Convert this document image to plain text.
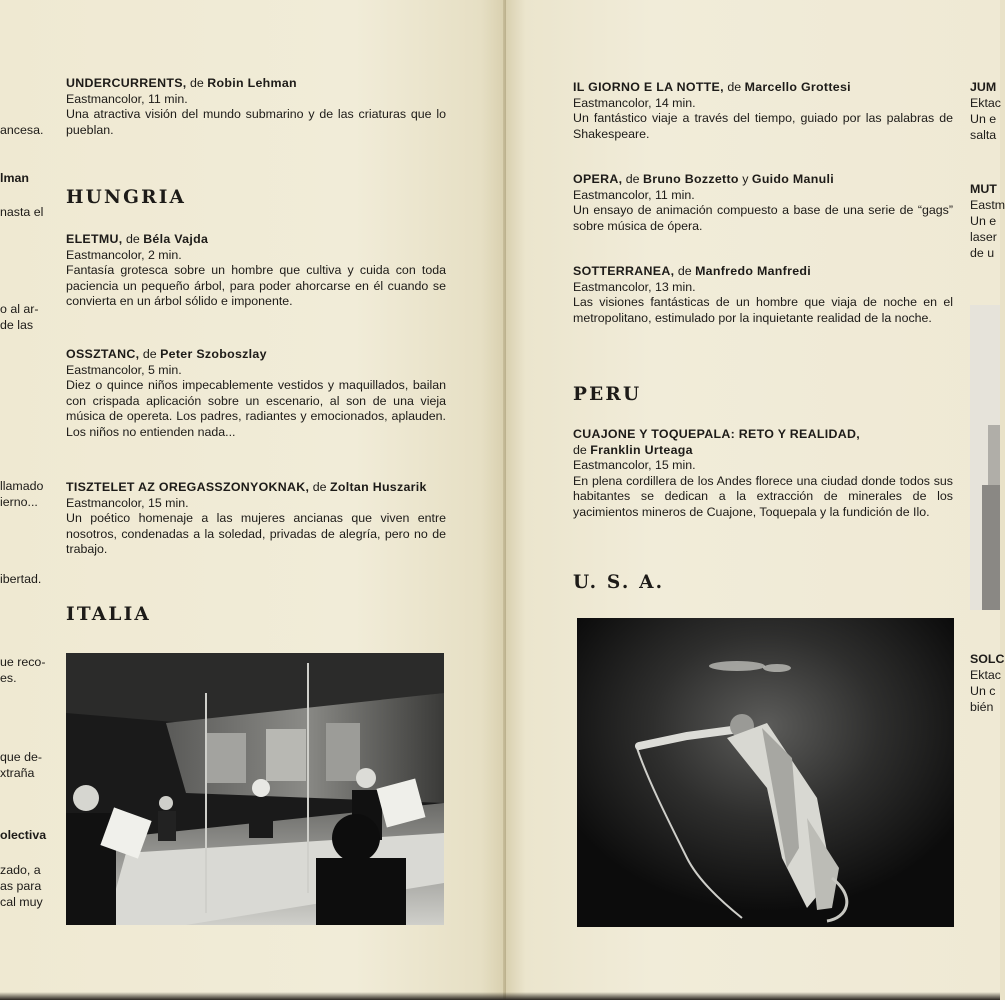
ancesa.
lman
nasta el
o al ar-
de las
llamado
ierno...
ibertad.
ue reco-
es.
que de-
xtraña
olectiva
zado, a
as para
cal muy
UNDERCURRENTS, de Robin Lehman
Eastmancolor, 11 min.

Una atractiva visión del mundo submarino y de las criaturas que lo pueblan.

HUNGRIA
ELETMU, de Béla Vajda
Eastmancolor, 2 min.

Fantasía grotesca sobre un hombre que cultiva y cuida con toda paciencia un pequeño árbol, para poder ahorcarse en él cuando se convierta en un árbol sólido e imponente.

OSSZTANC, de Peter Szoboszlay
Eastmancolor, 5 min.

Diez o quince niños impecablemente vestidos y maquillados, bailan con crispada aplicación sobre un escenario, al son de una vieja música de opereta. Los padres, radiantes y emocionados, aplauden. Los niños no entienden nada...

TISZTELET AZ OREGASSZONYOKNAK, de Zoltan Huszarik
Eastmancolor, 15 min.

Un poético homenaje a las mujeres ancianas que viven entre nosotros, condenadas a la soledad, privadas de alegría, pero no de trabajo.

ITALIA
IL GIORNO E LA NOTTE, de Marcello Grottesi
Eastmancolor, 14 min.

Un fantástico viaje a través del tiempo, guiado por las palabras de Shakespeare.

OPERA, de Bruno Bozzetto y Guido Manuli
Eastmancolor, 11 min.

Un ensayo de animación compuesto a base de una serie de “gags” sobre música de ópera.

SOTTERRANEA, de Manfredo Manfredi
Eastmancolor, 13 min.

Las visiones fantásticas de un hombre que viaja de noche en el metropolitano, estimulado por la inquietante realidad de la noche.

PERU
CUAJONE Y TOQUEPALA: RETO Y REALIDAD,
de Franklin Urteaga
Eastmancolor, 15 min.

En plena cordillera de los Andes florece una ciudad donde todos sus habitantes se dedican a la extracción de minerales de los yacimientos mineros de Cuajone, Toquepala y la fundición de Ilo.

U. S. A.
JUM
Ektac
Un e
salta
MUT
Eastm
Un e
laser
de u
SOLC
Ektac
Un c
bién
